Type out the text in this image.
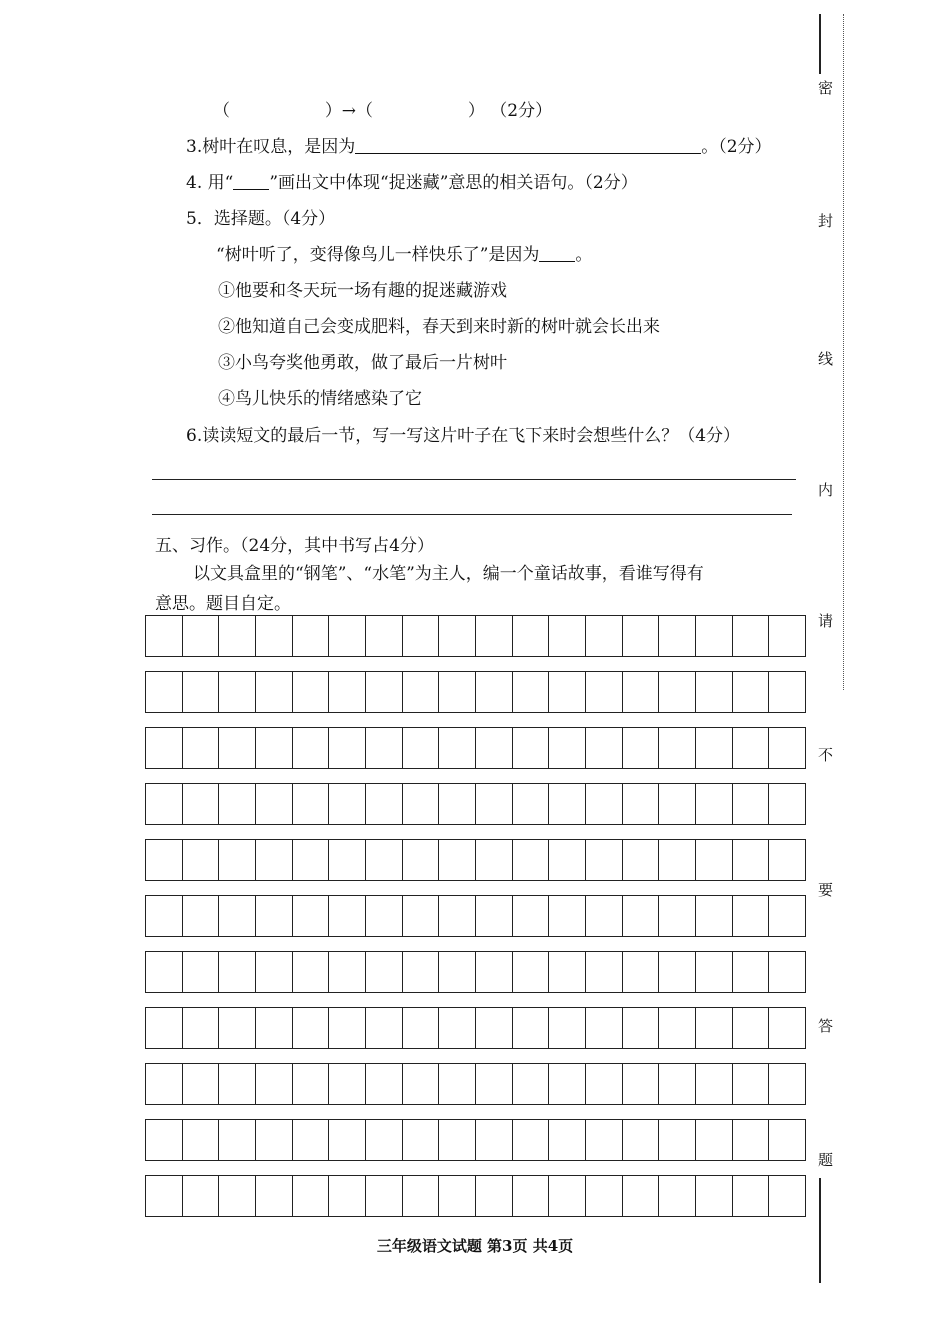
（	）→（	） （2分）
3.树叶在叹息，是因为	。（2分）
4. 用“ ”画出文中体现“捉迷藏”意思的相关语句。（2分）
5．选择题。（4分）
“树叶听了，变得像鸟儿一样快乐了”是因为 。
①他要和冬天玩一场有趣的捉迷藏游戏
②他知道自己会变成肥料，春天到来时新的树叶就会长出来
③小鸟夸奖他勇敢，做了最后一片树叶
④鸟儿快乐的情绪感染了它
6.读读短文的最后一节，写一写这片叶子在飞下来时会想些什么？（4分）
五、习作。（24分，其中书写占4分）
以文具盒里的“钢笔”、“水笔”为主人，编一个童话故事，看谁写得有
意思。题目自定。
密
封
线
内
请
不
要
答
题
三年级语文试题 第3页 共4页
